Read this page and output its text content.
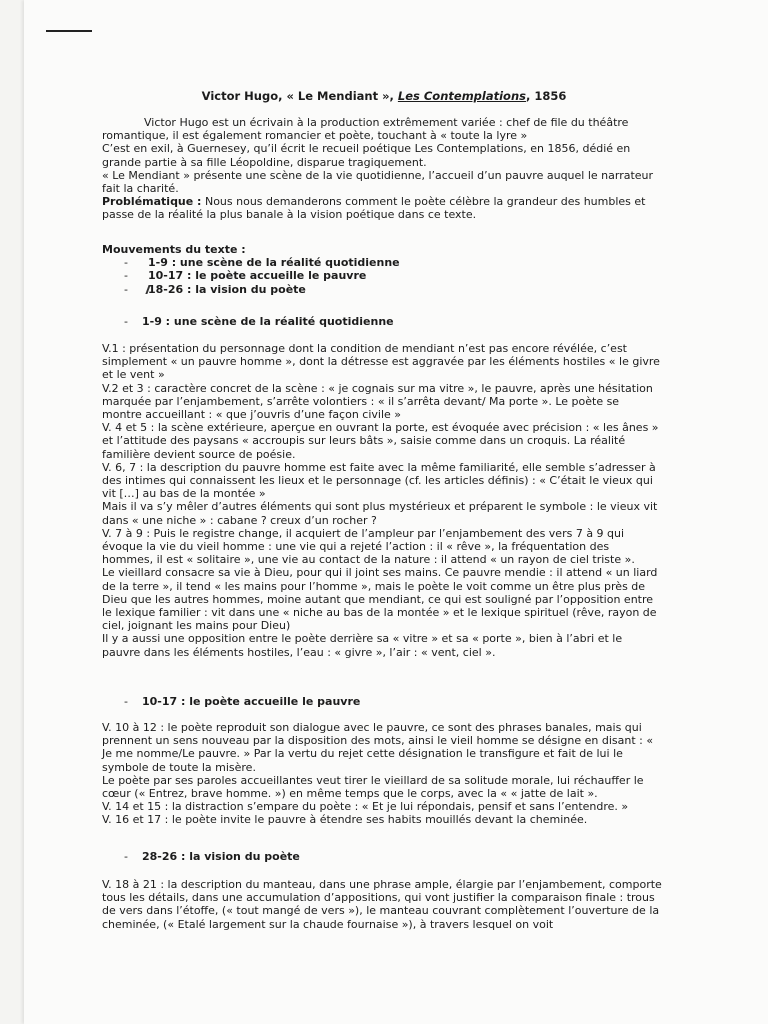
Victor Hugo, « Le Mendiant », Les Contemplations, 1856

Victor Hugo est un écrivain à la production extrêmement variée : chef de file du théâtre romantique, il est également romancier et poète, touchant à « toute la lyre »

C’est en exil, à Guernesey, qu’il écrit le recueil poétique Les Contemplations, en 1856, dédié en grande partie à sa fille Léopoldine, disparue tragiquement.

« Le Mendiant » présente une scène de la vie quotidienne, l’accueil d’un pauvre auquel le narrateur fait la charité.

Problématique : Nous nous demanderons comment le poète célèbre la grandeur des humbles et passe de la réalité la plus banale à la vision poétique dans ce texte.

Mouvements du texte :
- 1-9 : une scène de la réalité quotidienne
- 10-17 : le poète accueille le pauvre
- 18-26 : la vision du poète
- 1-9 : une scène de la réalité quotidienne

V.1 : présentation du personnage dont la condition de mendiant n’est pas encore révélée, c’est simplement « un pauvre homme », dont la détresse est aggravée par les éléments hostiles « le givre et le vent »

V.2 et 3 : caractère concret de la scène : « je cognais sur ma vitre », le pauvre, après une hésitation marquée par l’enjambement, s’arrête volontiers : « il s’arrêta devant/ Ma porte ». Le poète se montre accueillant : « que j’ouvris d’une façon civile »

V. 4 et 5 : la scène extérieure, aperçue en ouvrant la porte, est évoquée avec précision : « les ânes » et l’attitude des paysans « accroupis sur leurs bâts », saisie comme dans un croquis. La réalité familière devient source de poésie.

V. 6, 7 : la description du pauvre homme est faite avec la même familiarité, elle semble s’adresser à des intimes qui connaissent les lieux et le personnage (cf. les articles définis) : « C’était le vieux qui vit […] au bas de la montée »

Mais il va s’y mêler d’autres éléments qui sont plus mystérieux et préparent le symbole : le vieux vit dans « une niche » : cabane ? creux d’un rocher ?

V. 7 à 9 : Puis le registre change, il acquiert de l’ampleur par l’enjambement des vers 7 à 9 qui évoque la vie du vieil homme : une vie qui a rejeté l’action : il « rêve », la fréquentation des hommes, il est « solitaire », une vie au contact de la nature : il attend « un rayon de ciel triste ».

Le vieillard consacre sa vie à Dieu, pour qui il joint ses mains. Ce pauvre mendie : il attend « un liard de la terre », il tend « les mains pour l’homme », mais le poète le voit comme un être plus près de Dieu que les autres hommes, moine autant que mendiant, ce qui est souligné par l’opposition entre le lexique familier : vit dans une « niche au bas de la montée » et le lexique spirituel (rêve, rayon de ciel, joignant les mains pour Dieu)

Il y a aussi une opposition entre le poète derrière sa « vitre » et sa « porte », bien à l’abri et le pauvre dans les éléments hostiles, l’eau : « givre », l’air : « vent, ciel ».

- 10-17 : le poète accueille le pauvre

V. 10 à 12 : le poète reproduit son dialogue avec le pauvre, ce sont des phrases banales, mais qui prennent un sens nouveau par la disposition des mots, ainsi le vieil homme se désigne en disant : « Je me nomme/Le pauvre. » Par la vertu du rejet cette désignation le transfigure et fait de lui le symbole de toute la misère.

Le poète par ses paroles accueillantes veut tirer le vieillard de sa solitude morale, lui réchauffer le cœur (« Entrez, brave homme. ») en même temps que le corps, avec la « « jatte de lait ».

V. 14 et 15 : la distraction s’empare du poète : « Et je lui répondais, pensif et sans l’entendre. »

V. 16 et 17 : le poète invite le pauvre à étendre ses habits mouillés devant la cheminée.

- 28-26 : la vision du poète

V. 18 à 21 : la description du manteau, dans une phrase ample, élargie par l’enjambement, comporte tous les détails, dans une accumulation d’appositions, qui vont justifier la comparaison finale : trous de vers dans l’étoffe, (« tout mangé de vers »), le manteau couvrant complètement l’ouverture de la cheminée, (« Etalé largement sur la chaude fournaise »), à travers lesquel on voit
